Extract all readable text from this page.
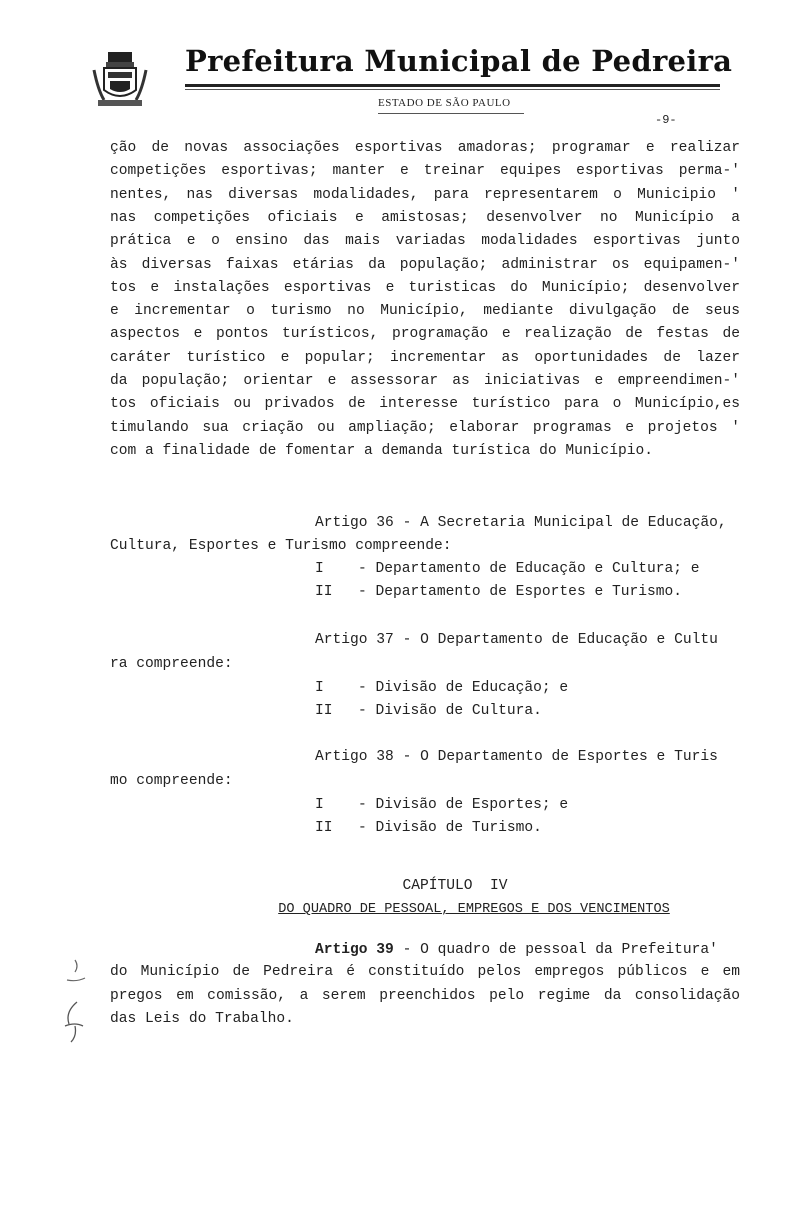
Prefeitura Municipal de Pedreira
ESTADO DE SÃO PAULO
-9-
ção de novas associações esportivas amadoras; programar e realizar
competições esportivas; manter e treinar equipes esportivas perma-'
nentes, nas diversas modalidades, para representarem o Municipio '
nas competições oficiais e amistosas; desenvolver no Município a
prática e o ensino das mais variadas modalidades esportivas junto
às diversas faixas etárias da população; administrar os equipamen-'
tos e instalações esportivas e turisticas do Município; desenvolver
e incrementar o turismo no Município, mediante divulgação de seus
aspectos e pontos turísticos, programação e realização de festas de
caráter turístico e popular; incrementar as oportunidades de lazer
da população; orientar e assessorar as iniciativas e empreendimen-'
tos oficiais ou privados de interesse turístico para o Município,es
timulando sua criação ou ampliação; elaborar programas e projetos '
com a finalidade de fomentar a demanda turística do Município.
Artigo 36 - A Secretaria Municipal de Educação,
Cultura, Esportes e Turismo compreende:
I - Departamento de Educação e Cultura; e
II - Departamento de Esportes e Turismo.
Artigo 37 - O Departamento de Educação e Cultu
ra compreende:
I - Divisão de Educação; e
II - Divisão de Cultura.
Artigo 38 - O Departamento de Esportes e Turis
mo compreende:
I - Divisão de Esportes; e
II - Divisão de Turismo.
CAPÍTULO  IV
DO QUADRO DE PESSOAL, EMPREGOS E DOS VENCIMENTOS
Artigo 39 - O quadro de pessoal da Prefeitura'
do Município de Pedreira é constituído pelos empregos públicos e em
pregos em comissão, a serem preenchidos pelo regime da consolidação
das Leis do Trabalho.
